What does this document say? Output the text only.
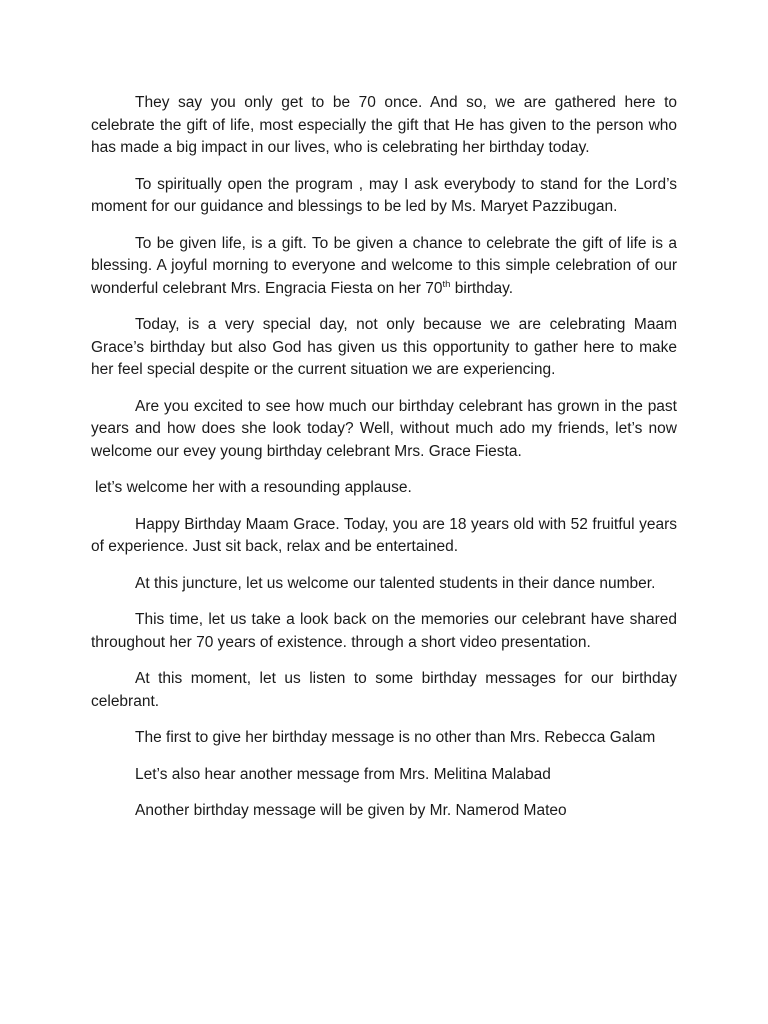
They say you only get to be 70 once. And so, we are gathered here to celebrate the gift of life, most especially the gift that He has given to the person who has made a big impact in our lives, who is celebrating her birthday today.

To spiritually open the program , may I ask everybody to stand for the Lord’s moment for our guidance and blessings to be led by Ms. Maryet Pazzibugan.

To be given life, is a gift. To be given a chance to celebrate the gift of life is a blessing. A joyful morning to everyone and welcome to this simple celebration of our wonderful celebrant Mrs. Engracia Fiesta on her 70th birthday.

Today, is a very special day, not only because we are celebrating Maam Grace’s birthday but also God has given us this opportunity to gather here to make her feel special despite or the current situation we are experiencing.

Are you excited to see how much our birthday celebrant has grown in the past years and how does she look today? Well, without much ado my friends, let’s now welcome our evey young birthday celebrant Mrs. Grace Fiesta.

let’s welcome her with a resounding applause.

Happy Birthday Maam Grace. Today, you are 18 years old with 52 fruitful years of experience. Just sit back, relax and be entertained.

At this juncture, let us welcome our talented students in their dance number.

This time, let us take a look back on the memories our celebrant have shared throughout her 70 years of existence. through a short video presentation.

At this moment, let us listen to some birthday messages for our birthday celebrant.

The first to give her birthday message is no other than Mrs. Rebecca Galam

Let’s also hear another message from Mrs. Melitina Malabad

Another birthday message will be given by Mr. Namerod Mateo
